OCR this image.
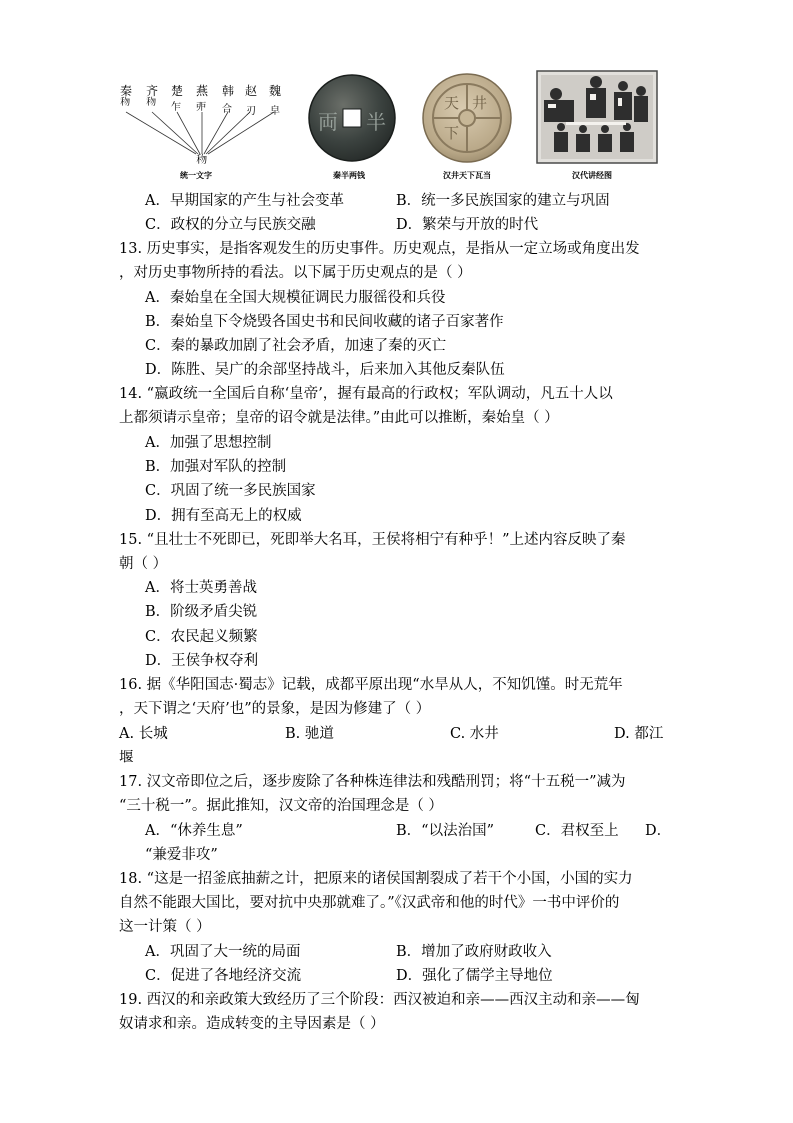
秦 齐 楚 燕 韩 赵 魏
𥝤 𥝤 乍 戼 合 刃 皁
𥝤
统一文字
両 半
秦半两钱
井
天
下
汉井天下瓦当	汉代讲经图
A．早期国家的产生与社会变革	B．统一多民族国家的建立与巩固
C．政权的分立与民族交融	D．繁荣与开放的时代
13. 历史事实，是指客观发生的历史事件。历史观点，是指从一定立场或角度出发
，对历史事物所持的看法。以下属于历史观点的是（ ）
A．秦始皇在全国大规模征调民力服徭役和兵役
B．秦始皇下令烧毁各国史书和民间收藏的诸子百家著作
C．秦的暴政加剧了社会矛盾，加速了秦的灭亡
D．陈胜、吴广的余部坚持战斗，后来加入其他反秦队伍
14. “嬴政统一全国后自称‘皇帝’，握有最高的行政权；军队调动，凡五十人以
上都须请示皇帝；皇帝的诏令就是法律。”由此可以推断，秦始皇（ ）
A．加强了思想控制
B．加强对军队的控制
C．巩固了统一多民族国家
D．拥有至高无上的权威
15. “且壮士不死即已，死即举大名耳，王侯将相宁有种乎！”上述内容反映了秦
朝（ ）
A．将士英勇善战
B．阶级矛盾尖锐
C．农民起义频繁
D．王侯争权夺利
16. 据《华阳国志·蜀志》记载，成都平原出现“水旱从人，不知饥馑。时无荒年
，天下谓之‘天府’也”的景象，是因为修建了（ ）
A. 长城	B. 驰道	C. 水井	D. 都江
堰
17. 汉文帝即位之后，逐步废除了各种株连律法和残酷刑罚；将“十五税一”减为
“三十税一”。据此推知，汉文帝的治国理念是（ ）
A．“休养生息”	B．“以法治国”	C．君权至上 D．
“兼爱非攻”
18. “这是一招釜底抽薪之计，把原来的诸侯国割裂成了若干个小国，小国的实力
自然不能跟大国比，要对抗中央那就难了。”《汉武帝和他的时代》一书中评价的
这一计策（ ）
A．巩固了大一统的局面	B．增加了政府财政收入
C．促进了各地经济交流	D．强化了儒学主导地位
19. 西汉的和亲政策大致经历了三个阶段：西汉被迫和亲——西汉主动和亲——匈
奴请求和亲。造成转变的主导因素是（ ）
